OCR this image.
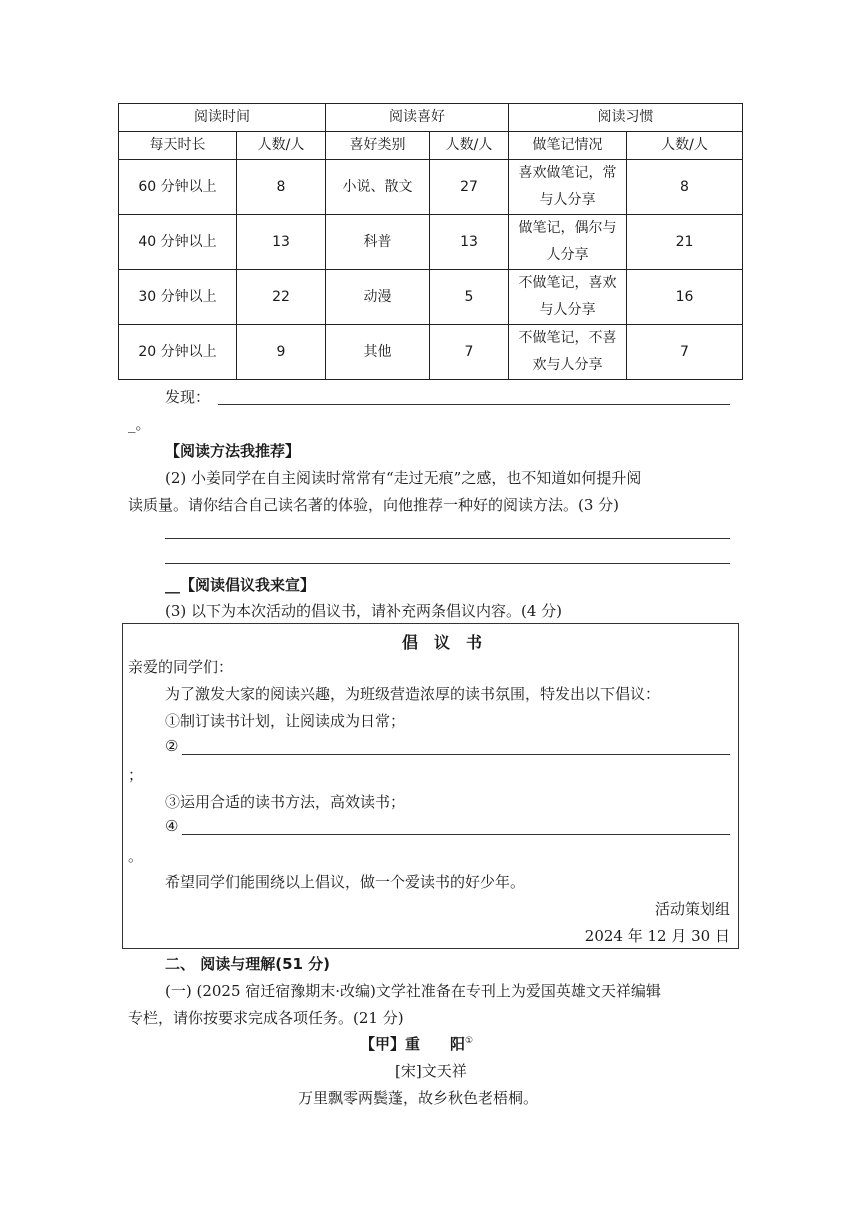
阅读时间		阅读喜好		阅读习惯	
每天时长	人数/人	喜好类别	人数/人	做笔记情况	人数/人
60 分钟以上	8	小说、散文	27	喜欢做笔记，常与人分享	8
40 分钟以上	13	科普	13	做笔记，偶尔与人分享	21
30 分钟以上	22	动漫	5	不做笔记，喜欢与人分享	16
20 分钟以上	9	其他	7	不做笔记，不喜欢与人分享	7
发现：
_。
【阅读方法我推荐】
(2) 小姜同学在自主阅读时常常有“走过无痕”之感，也不知道如何提升阅
读质量。请你结合自己读名著的体验，向他推荐一种好的阅读方法。(3 分)
__【阅读倡议我来宣】
(3) 以下为本次活动的倡议书，请补充两条倡议内容。(4 分)
倡　议　书
亲爱的同学们：
为了激发大家的阅读兴趣，为班级营造浓厚的读书氛围，特发出以下倡议：
①制订读书计划，让阅读成为日常；
②
；
③运用合适的读书方法，高效读书；
④
。
希望同学们能围绕以上倡议，做一个爱读书的好少年。
活动策划组
2024 年 12 月 30 日
二、 阅读与理解(51 分)
(一) (2025 宿迁宿豫期末·改编)文学社准备在专刊上为爱国英雄文天祥编辑
专栏，请你按要求完成各项任务。(21 分)
【甲】重　　阳①
[宋]文天祥
万里飘零两鬓蓬，故乡秋色老梧桐。
